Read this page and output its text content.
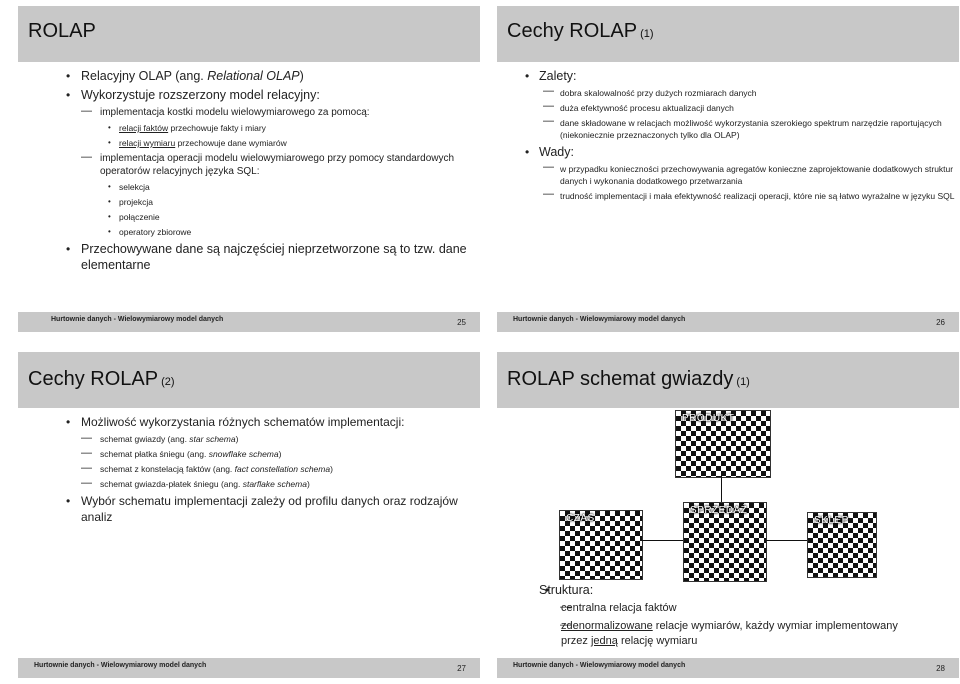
ROLAP
• Relacyjny OLAP (ang. Relational OLAP)
• Wykorzystuje rozszerzony model relacyjny:
— implementacja kostki modelu wielowymiarowego za pomocą:
• relacji faktów przechowuje fakty i miary
• relacji wymiaru przechowuje dane wymiarów
— implementacja operacji modelu wielowymiarowego przy pomocy standardowych operatorów relacyjnych języka SQL:
• selekcja
• projekcja
• połączenie
• operatory zbiorowe
• Przechowywane dane są najczęściej nieprzetworzone są to tzw. dane elementarne
Hurtownie danych - Wielowymiarowy model danych	25
Cechy ROLAP (1)
• Zalety:
— dobra skalowalność przy dużych rozmiarach danych
— duża efektywność procesu aktualizacji danych
— dane składowane w relacjach możliwość wykorzystania szerokiego spektrum narzędzie raportujących (niekoniecznie przeznaczonych tylko dla OLAP)
• Wady:
— w przypadku konieczności przechowywania agregatów konieczne zaprojektowanie dodatkowych struktur danych i wykonania dodatkowego przetwarzania
— trudność implementacji i mała efektywność realizacji operacji, które nie są łatwo wyrażalne w języku SQL
Hurtownie danych - Wielowymiarowy model danych	26
Cechy ROLAP (2)
• Możliwość wykorzystania różnych schematów implementacji:
— schemat gwiazdy (ang. star schema)
— schemat płatka śniegu (ang. snowflake schema)
— schemat z konstelacją faktów (ang. fact constellation schema)
— schemat gwiazda-płatek śniegu (ang. starflake schema)
• Wybór schematu implementacji zależy od profilu danych oraz rodzajów analiz
Hurtownie danych - Wielowymiarowy model danych	27
ROLAP schemat gwiazdy (1)
PRODUKT
CZAS
SPRZEDAŻ
SKLEP
• Struktura:
— centralna relacja faktów
— zdenormalizowane relacje wymiarów, każdy wymiar implementowany przez jedną relację wymiaru
Hurtownie danych - Wielowymiarowy model danych	28
